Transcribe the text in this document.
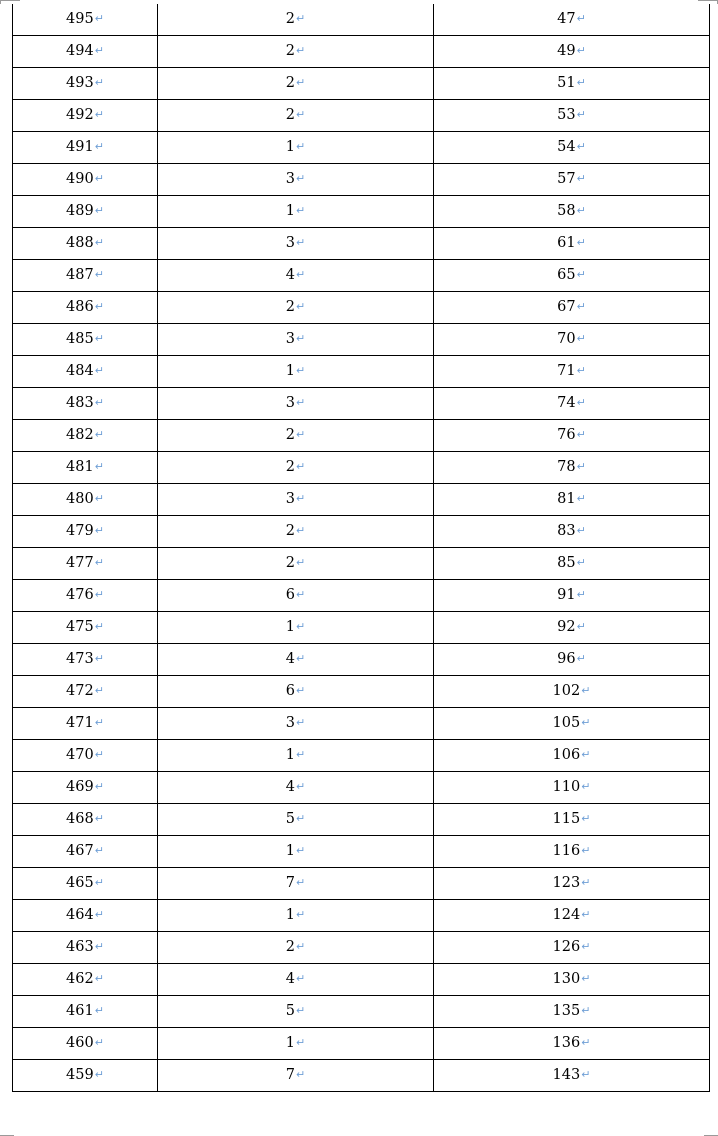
495↵	2↵	47↵
494↵	2↵	49↵
493↵	2↵	51↵
492↵	2↵	53↵
491↵	1↵	54↵
490↵	3↵	57↵
489↵	1↵	58↵
488↵	3↵	61↵
487↵	4↵	65↵
486↵	2↵	67↵
485↵	3↵	70↵
484↵	1↵	71↵
483↵	3↵	74↵
482↵	2↵	76↵
481↵	2↵	78↵
480↵	3↵	81↵
479↵	2↵	83↵
477↵	2↵	85↵
476↵	6↵	91↵
475↵	1↵	92↵
473↵	4↵	96↵
472↵	6↵	102↵
471↵	3↵	105↵
470↵	1↵	106↵
469↵	4↵	110↵
468↵	5↵	115↵
467↵	1↵	116↵
465↵	7↵	123↵
464↵	1↵	124↵
463↵	2↵	126↵
462↵	4↵	130↵
461↵	5↵	135↵
460↵	1↵	136↵
459↵	7↵	143↵
